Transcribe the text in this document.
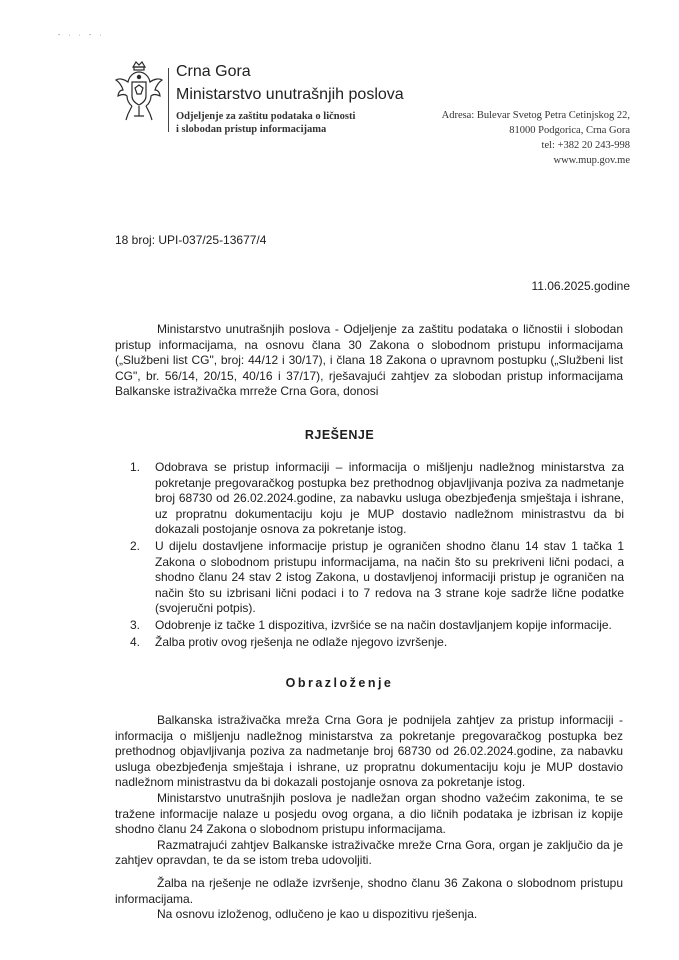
- · · - ·
Crna Gora
Ministarstvo unutrašnjih poslova
Odjeljenje za zaštitu podataka o ličnosti
i slobodan pristup informacijama
Adresa: Bulevar Svetog Petra Cetinjskog 22,
81000 Podgorica, Crna Gora
tel: +382 20 243-998
www.mup.gov.me
18 broj: UPI-037/25-13677/4
11.06.2025.godine
Ministarstvo unutrašnjih poslova - Odjeljenje za zaštitu podataka o ličnostii i slobodan pristup informacijama, na osnovu člana 30 Zakona o slobodnom pristupu informacijama („Službeni list CG", broj: 44/12 i 30/17), i člana 18 Zakona o upravnom postupku („Službeni list CG", br. 56/14, 20/15, 40/16 i 37/17), rješavajući zahtjev za slobodan pristup informacijama Balkanske istraživačka mrreže Crna Gora, donosi
RJEŠENJE
1. Odobrava se pristup informaciji – informacija o mišljenju nadležnog ministarstva za pokretanje pregovaračkog postupka bez prethodnog objavljivanja poziva za nadmetanje broj 68730 od 26.02.2024.godine, za nabavku usluga obezbjeđenja smještaja i ishrane, uz propratnu dokumentaciju koju je MUP dostavio nadležnom ministrastvu da bi dokazali postojanje osnova za pokretanje istog.
2. U dijelu dostavljene informacije pristup je ograničen shodno članu 14 stav 1 tačka 1 Zakona o slobodnom pristupu informacijama, na način što su prekriveni lični podaci, a shodno članu 24 stav 2 istog Zakona, u dostavljenoj informaciji pristup je ograničen na način što su izbrisani lični podaci i to 7 redova na 3 strane koje sadrže lične podatke (svojeručni potpis).
3. Odobrenje iz tačke 1 dispozitiva, izvršiće se na način dostavljanjem kopije informacije.
4. Žalba protiv ovog rješenja ne odlaže njegovo izvršenje.
Obrazloženje

Balkanska istraživačka mreža Crna Gora je podnijela zahtjev za pristup informaciji - informacija o mišljenju nadležnog ministarstva za pokretanje pregovaračkog postupka bez prethodnog objavljivanja poziva za nadmetanje broj 68730 od 26.02.2024.godine, za nabavku usluga obezbjeđenja smještaja i ishrane, uz propratnu dokumentaciju koju je MUP dostavio nadležnom ministrastvu da bi dokazali postojanje osnova za pokretanje istog.

Ministarstvo unutrašnjih poslova je nadležan organ shodno važećim zakonima, te se tražene informacije nalaze u posjedu ovog organa, a dio ličnih podataka je izbrisan iz kopije shodno članu 24 Zakona o slobodnom pristupu informacijama.

Razmatrajući zahtjev Balkanske istraživačke mreže Crna Gora, organ je zaključio da je zahtjev opravdan, te da se istom treba udovoljiti.

Žalba na rješenje ne odlaže izvršenje, shodno članu 36 Zakona o slobodnom pristupu informacijama.

Na osnovu izloženog, odlučeno je kao u dispozitivu rješenja.
